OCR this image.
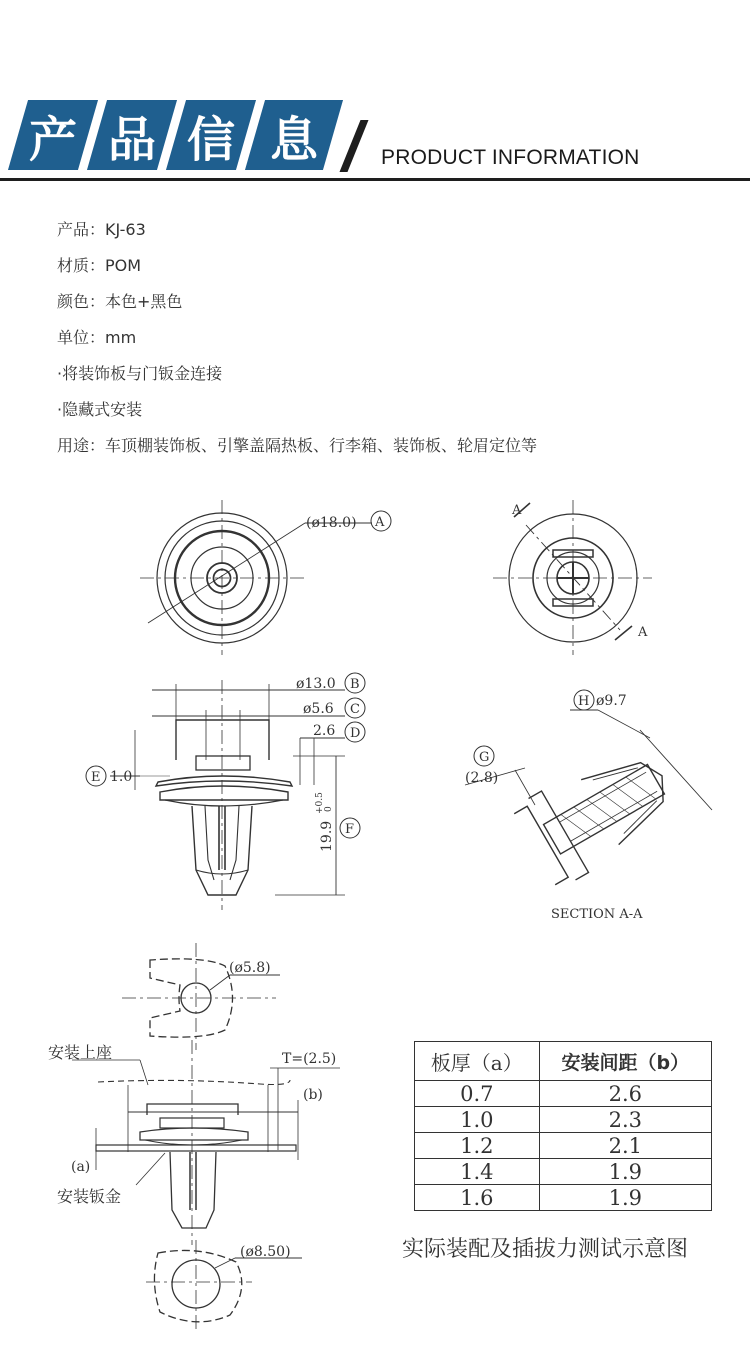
产 品 信 息	PRODUCT INFORMATION
产品：KJ-63
材质：POM
颜色：本色+黑色
单位：mm
·将装饰板与门钣金连接
·隐藏式安装
用途：车顶棚装饰板、引擎盖隔热板、行李箱、装饰板、轮眉定位等
(ø18.0) A
A
A
ø13.0 B
ø5.6 C
2.6 D
E 1.0
19.9
+0.5 0
F
H ø9.7
G
(2.8)
SECTION A-A
(ø5.8)
安装上座	T=(2.5)
(b)
(a)
安装钣金
(ø8.50)
板厚（a）	安装间距（b）
0.7	2.6
1.0	2.3
1.2	2.1
1.4	1.9
1.6	1.9
实际装配及插拔力测试示意图
